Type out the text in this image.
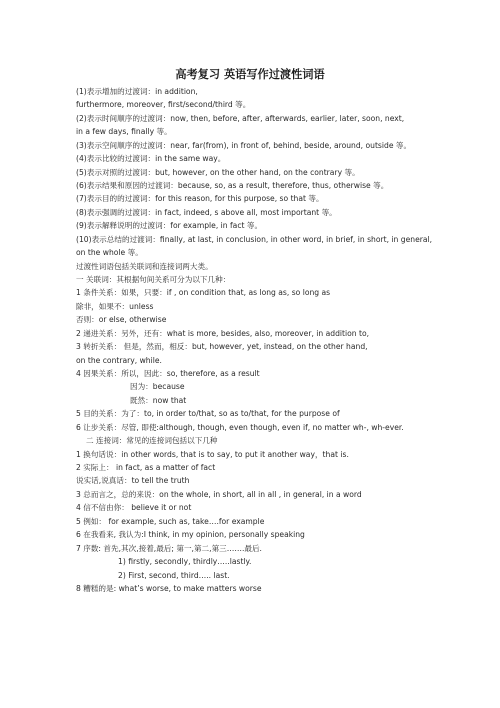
高考复习 英语写作过渡性词语
(1)表示增加的过渡词：in addition,
furthermore, moreover, first/second/third 等。
(2)表示时间顺序的过渡词：now, then, before, after, afterwards, earlier, later, soon, next,
in a few days, finally 等。
(3)表示空间顺序的过渡词：near, far(from), in front of, behind, beside, around, outside 等。
(4)表示比较的过渡词：in the same way。
(5)表示对照的过渡词：but, however, on the other hand, on the contrary 等。
(6)表示结果和原因的过渡词：because, so, as a result, therefore, thus, otherwise 等。
(7)表示目的的过渡词：for this reason, for this purpose, so that 等。
(8)表示强调的过渡词：in fact, indeed, s above all, most important 等。
(9)表示解释说明的过渡词：for example, in fact 等。
(10)表示总结的过渡词：finally, at last, in conclusion, in other word, in brief, in short, in general,
on the whole 等。
过渡性词语包括关联词和连接词两大类。
一 关联词：其根据句间关系可分为以下几种：
1 条件关系：如果，只要：if , on condition that, as long as, so long as
除非，如果不：unless
否则：or else, otherwise
2 递进关系：另外，还有：what is more, besides, also, moreover, in addition to,
3 转折关系： 但是，然而，相反：but, however, yet, instead, on the other hand,
on the contrary, while.
4 因果关系：所以，因此：so, therefore, as a result
因为：because
既然：now that
5 目的关系：为了：to, in order to/that, so as to/that, for the purpose of
6 让步关系：尽管, 即使:although, though, even though, even if, no matter wh-, wh-ever.
二 连接词：常见的连接词包括以下几种
1 换句话说：in other words, that is to say, to put it another way，that is.
2 实际上： in fact, as a matter of fact
说实话,说真话：to tell the truth
3 总而言之，总的来说：on the whole, in short, all in all , in general, in a word
4 信不信由你： believe it or not
5 例如： for example, such as, take….for example
6 在我看来, 我认为:I think, in my opinion, personally speaking
7 序数: 首先,其次,接着,最后; 第一,第二,第三…….最后.
1) firstly, secondly, thirdly…..lastly.
2) First, second, third….. last.
8 糟糕的是: what’s worse, to make matters worse
